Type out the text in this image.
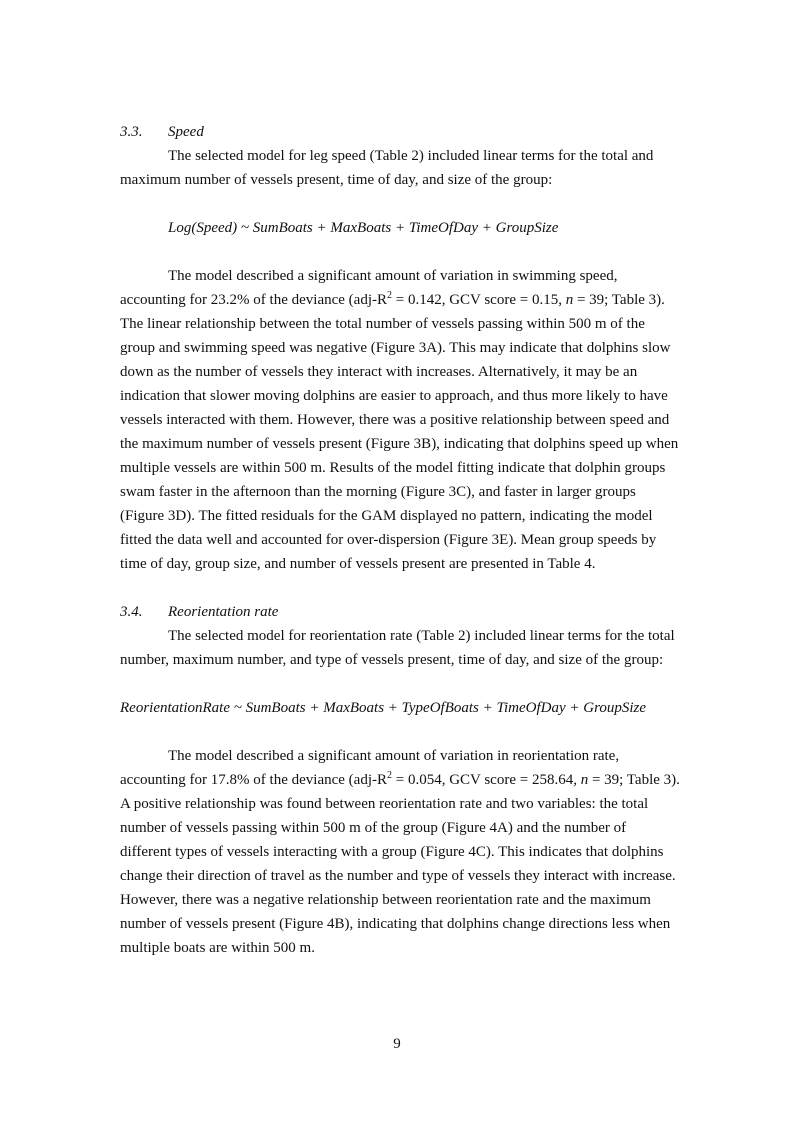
3.3. Speed

The selected model for leg speed (Table 2) included linear terms for the total and maximum number of vessels present, time of day, and size of the group:

Log(Speed) ~ SumBoats + MaxBoats + TimeOfDay + GroupSize

The model described a significant amount of variation in swimming speed, accounting for 23.2% of the deviance ($adj-R^2 = 0.142$, GCV score = 0.15, n = 39; Table 3). The linear relationship between the total number of vessels passing within 500 m of the group and swimming speed was negative (Figure 3A). This may indicate that dolphins slow down as the number of vessels they interact with increases. Alternatively, it may be an indication that slower moving dolphins are easier to approach, and thus more likely to have vessels interacted with them. However, there was a positive relationship between speed and the maximum number of vessels present (Figure 3B), indicating that dolphins speed up when multiple vessels are within 500 m. Results of the model fitting indicate that dolphin groups swam faster in the afternoon than the morning (Figure 3C), and faster in larger groups (Figure 3D). The fitted residuals for the GAM displayed no pattern, indicating the model fitted the data well and accounted for over-dispersion (Figure 3E). Mean group speeds by time of day, group size, and number of vessels present are presented in Table 4.

3.4. Reorientation rate

The selected model for reorientation rate (Table 2) included linear terms for the total number, maximum number, and type of vessels present, time of day, and size of the group:

ReorientationRate ~ SumBoats + MaxBoats + TypeOfBoats + TimeOfDay + GroupSize

The model described a significant amount of variation in reorientation rate, accounting for 17.8% of the deviance ($adj-R^2 = 0.054$, GCV score = 258.64, n = 39; Table 3). A positive relationship was found between reorientation rate and two variables: the total number of vessels passing within 500 m of the group (Figure 4A) and the number of different types of vessels interacting with a group (Figure 4C). This indicates that dolphins change their direction of travel as the number and type of vessels they interact with increase. However, there was a negative relationship between reorientation rate and the maximum number of vessels present (Figure 4B), indicating that dolphins change directions less when multiple boats are within 500 m.

9
